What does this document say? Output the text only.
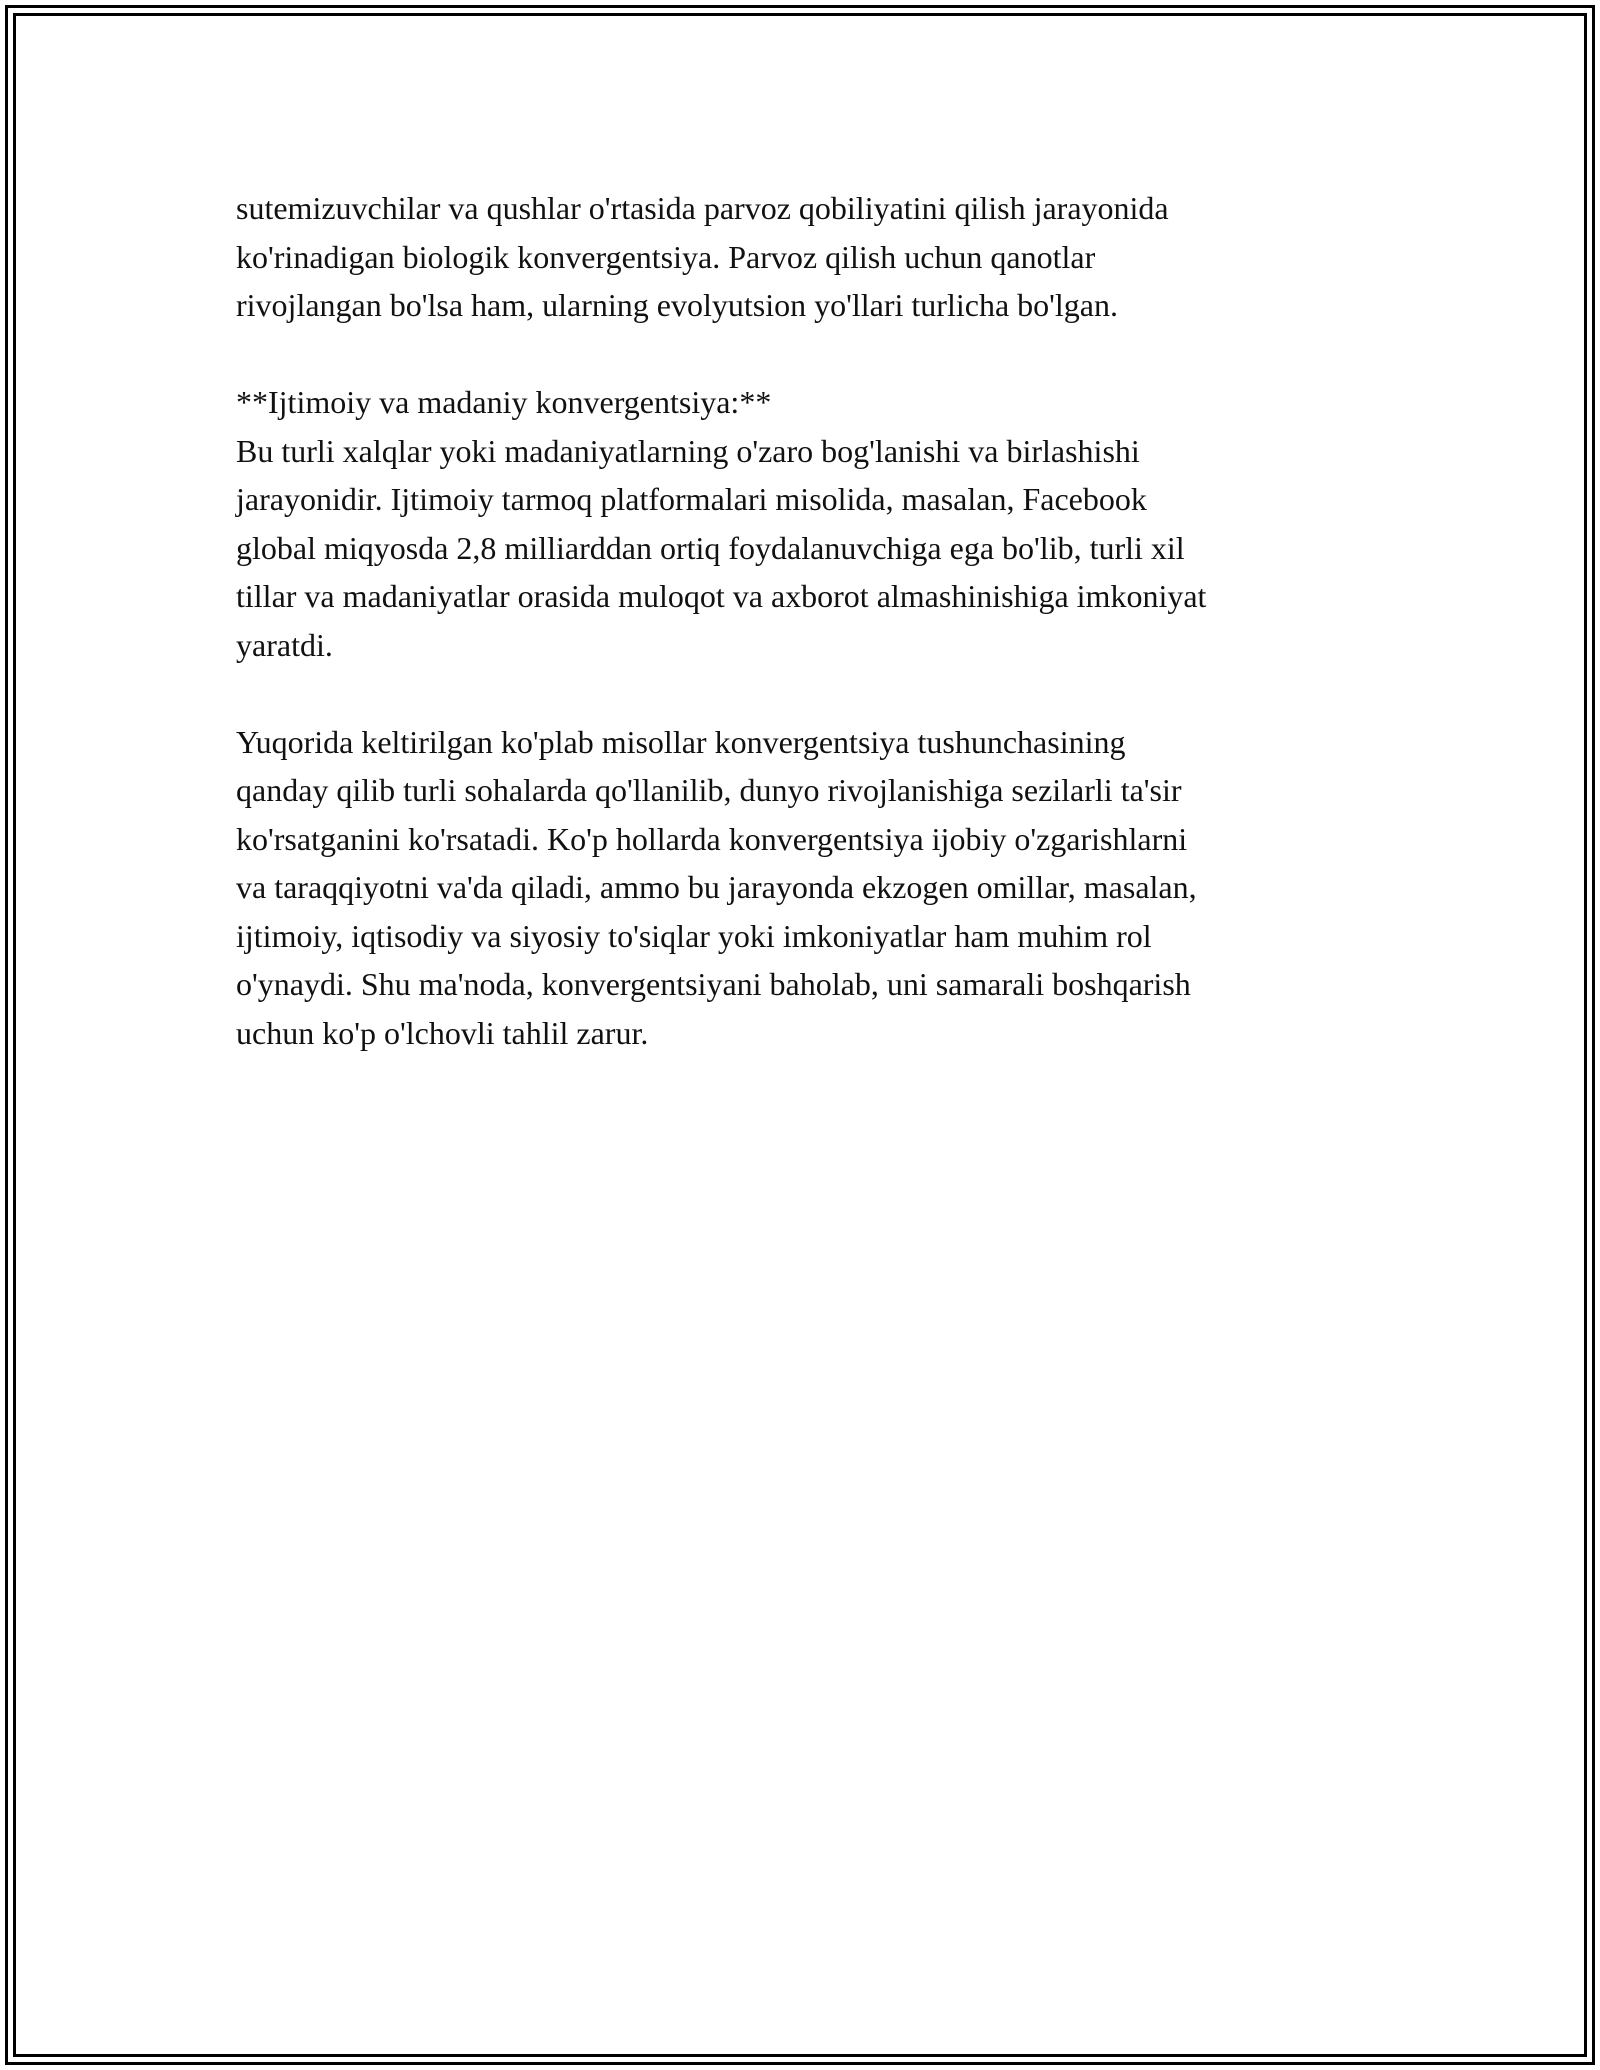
sutemizuvchilar va qushlar o'rtasida parvoz qobiliyatini qilish jarayonida

ko'rinadigan biologik konvergentsiya. Parvoz qilish uchun qanotlar

rivojlangan bo'lsa ham, ularning evolyutsion yo'llari turlicha bo'lgan.

**Ijtimoiy va madaniy konvergentsiya:**

Bu turli xalqlar yoki madaniyatlarning o'zaro bog'lanishi va birlashishi

jarayonidir. Ijtimoiy tarmoq platformalari misolida, masalan, Facebook

global miqyosda 2,8 milliarddan ortiq foydalanuvchiga ega bo'lib, turli xil

tillar va madaniyatlar orasida muloqot va axborot almashinishiga imkoniyat

yaratdi.

Yuqorida keltirilgan ko'plab misollar konvergentsiya tushunchasining

qanday qilib turli sohalarda qo'llanilib, dunyo rivojlanishiga sezilarli ta'sir

ko'rsatganini ko'rsatadi. Ko'p hollarda konvergentsiya ijobiy o'zgarishlarni

va taraqqiyotni va'da qiladi, ammo bu jarayonda ekzogen omillar, masalan,

ijtimoiy, iqtisodiy va siyosiy to'siqlar yoki imkoniyatlar ham muhim rol

o'ynaydi. Shu ma'noda, konvergentsiyani baholab, uni samarali boshqarish

uchun ko'p o'lchovli tahlil zarur.
